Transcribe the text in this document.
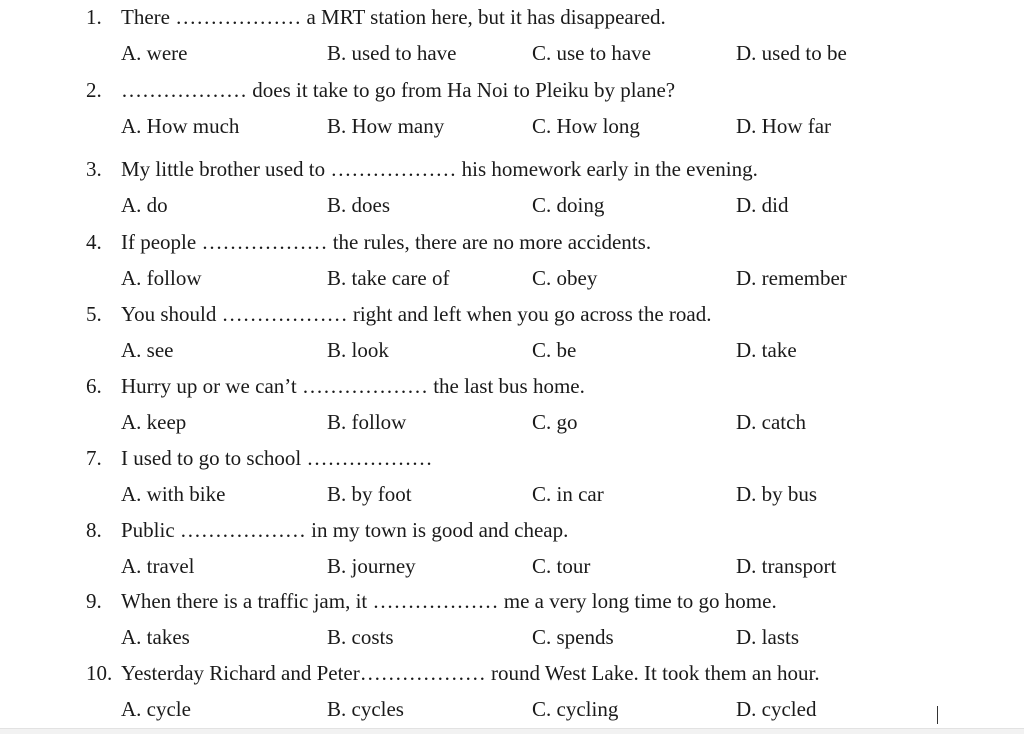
1. There ……………… a MRT station here, but it has disappeared.
A. were	B. used to have	C. use to have	D. used to be
2. ……………… does it take to go from Ha Noi to Pleiku by plane?
A. How much	B. How many	C. How long	D. How far
3. My little brother used to ……………… his homework early in the evening.
A. do	B. does	C. doing	D. did
4. If people ……………… the rules, there are no more accidents.
A. follow	B. take care of	C. obey	D. remember
5. You should ……………… right and left when you go across the road.
A. see	B. look	C. be	D. take
6. Hurry up or we can’t ……………… the last bus home.
A. keep	B. follow	C. go	D. catch
7. I used to go to school ………………
A. with bike	B. by foot	C. in car	D. by bus
8. Public ……………… in my town is good and cheap.
A. travel	B. journey	C. tour	D. transport
9. When there is a traffic jam, it ……………… me a very long time to go home.
A. takes	B. costs	C. spends	D. lasts
10. Yesterday Richard and Peter……………… round West Lake. It took them an hour.
A. cycle	B. cycles	C. cycling	D. cycled
